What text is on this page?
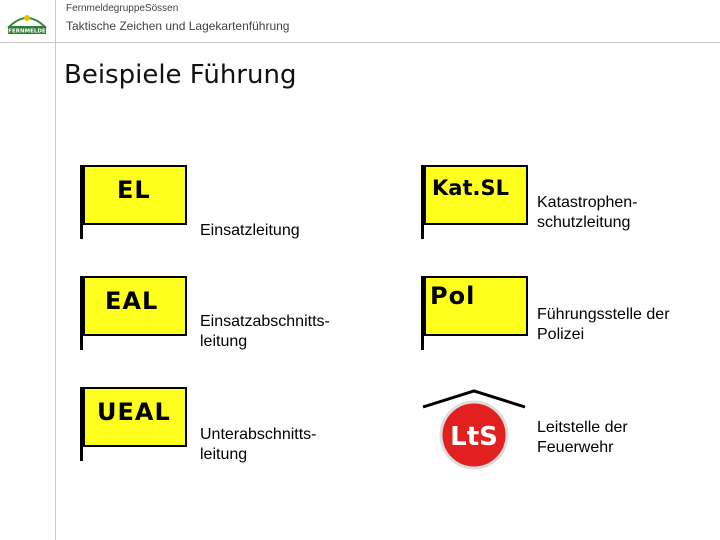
FERNMELDE
FernmeldegruppeSössen
Taktische Zeichen und Lagekartenführung
Beispiele Führung
EL
Einsatzleitung
EAL
Einsatzabschnitts-
leitung
UEAL
Unterabschnitts-
leitung
Kat.SL
Katastrophen-
schutzleitung
Pol
Führungsstelle der
Polizei
LtS Leitstelle der
Feuerwehr
